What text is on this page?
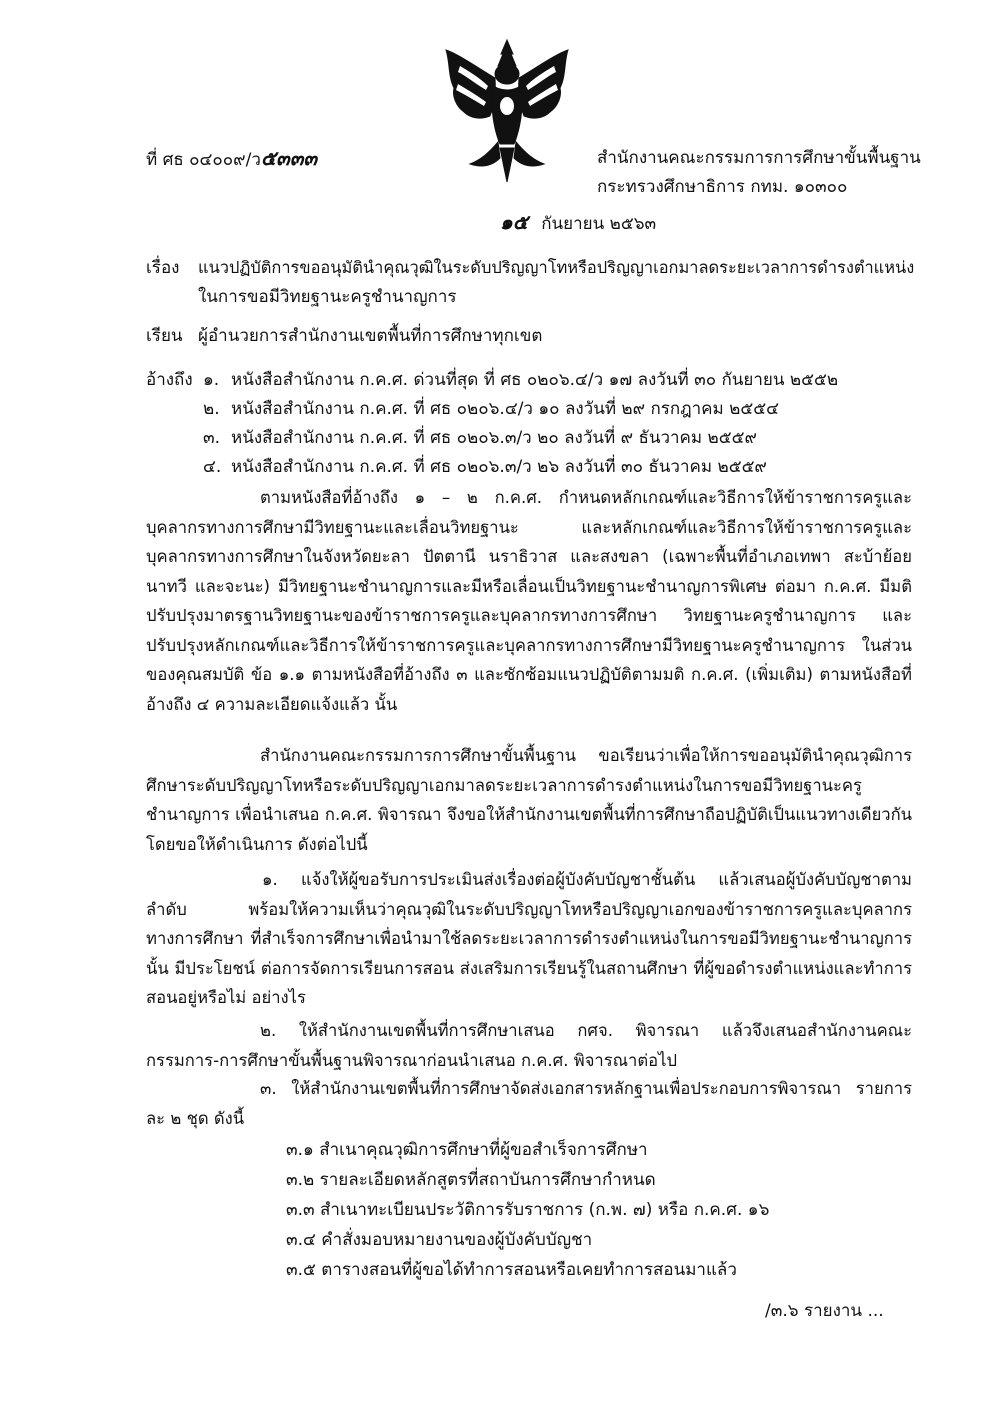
ที่ ศธ ๐๔๐๐๙/ว๕๓๓๓	สำนักงานคณะกรรมการการศึกษาขั้นพื้นฐาน
กระทรวงศึกษาธิการ กทม. ๑๐๓๐๐
๑๕ กันยายน ๒๕๖๓
เรื่อง แนวปฏิบัติการขออนุมัตินำคุณวุฒิในระดับปริญญาโทหรือปริญญาเอกมาลดระยะเวลาการดำรงตำแหน่ง
ในการขอมีวิทยฐานะครูชำนาญการ
เรียน ผู้อำนวยการสำนักงานเขตพื้นที่การศึกษาทุกเขต
อ้างถึง ๑. หนังสือสำนักงาน ก.ค.ศ. ด่วนที่สุด ที่ ศธ ๐๒๐๖.๔/ว ๑๗ ลงวันที่ ๓๐ กันยายน ๒๕๕๒
๒. หนังสือสำนักงาน ก.ค.ศ. ที่ ศธ ๐๒๐๖.๔/ว ๑๐ ลงวันที่ ๒๙ กรกฎาคม ๒๕๕๔
๓. หนังสือสำนักงาน ก.ค.ศ. ที่ ศธ ๐๒๐๖.๓/ว ๒๐ ลงวันที่ ๙ ธันวาคม ๒๕๕๙
๔. หนังสือสำนักงาน ก.ค.ศ. ที่ ศธ ๐๒๐๖.๓/ว ๒๖ ลงวันที่ ๓๐ ธันวาคม ๒๕๕๙
ตามหนังสือที่อ้างถึง ๑ – ๒ ก.ค.ศ. กำหนดหลักเกณฑ์และวิธีการให้ข้าราชการครูและบุคลากรทางการศึกษามีวิทยฐานะและเลื่อนวิทยฐานะ และหลักเกณฑ์และวิธีการให้ข้าราชการครูและบุคลากรทางการศึกษาในจังหวัดยะลา ปัตตานี นราธิวาส และสงขลา (เฉพาะพื้นที่อำเภอเทพา สะบ้าย้อย นาทวี และจะนะ) มีวิทยฐานะชำนาญการและมีหรือเลื่อนเป็นวิทยฐานะชำนาญการพิเศษ ต่อมา ก.ค.ศ. มีมติปรับปรุงมาตรฐานวิทยฐานะของข้าราชการครูและบุคลากรทางการศึกษา วิทยฐานะครูชำนาญการ และปรับปรุงหลักเกณฑ์และวิธีการให้ข้าราชการครูและบุคลากรทางการศึกษามีวิทยฐานะครูชำนาญการ ในส่วนของคุณสมบัติ ข้อ ๑.๑ ตามหนังสือที่อ้างถึง ๓ และซักซ้อมแนวปฏิบัติตามมติ ก.ค.ศ. (เพิ่มเติม) ตามหนังสือที่อ้างถึง ๔ ความละเอียดแจ้งแล้ว นั้น
สำนักงานคณะกรรมการการศึกษาขั้นพื้นฐาน ขอเรียนว่าเพื่อให้การขออนุมัตินำคุณวุฒิการศึกษาระดับปริญญาโทหรือระดับปริญญาเอกมาลดระยะเวลาการดำรงตำแหน่งในการขอมีวิทยฐานะครูชำนาญการ เพื่อนำเสนอ ก.ค.ศ. พิจารณา จึงขอให้สำนักงานเขตพื้นที่การศึกษาถือปฏิบัติเป็นแนวทางเดียวกัน โดยขอให้ดำเนินการ ดังต่อไปนี้
๑. แจ้งให้ผู้ขอรับการประเมินส่งเรื่องต่อผู้บังคับบัญชาชั้นต้น แล้วเสนอผู้บังคับบัญชาตามลำดับ พร้อมให้ความเห็นว่าคุณวุฒิในระดับปริญญาโทหรือปริญญาเอกของข้าราชการครูและบุคลากรทางการศึกษา ที่สำเร็จการศึกษาเพื่อนำมาใช้ลดระยะเวลาการดำรงตำแหน่งในการขอมีวิทยฐานะชำนาญการนั้น มีประโยชน์ ต่อการจัดการเรียนการสอน ส่งเสริมการเรียนรู้ในสถานศึกษา ที่ผู้ขอดำรงตำแหน่งและทำการสอนอยู่หรือไม่ อย่างไร
๒. ให้สำนักงานเขตพื้นที่การศึกษาเสนอ กศจ. พิจารณา แล้วจึงเสนอสำนักงานคณะกรรมการ-การศึกษาขั้นพื้นฐานพิจารณาก่อนนำเสนอ ก.ค.ศ. พิจารณาต่อไป
๓. ให้สำนักงานเขตพื้นที่การศึกษาจัดส่งเอกสารหลักฐานเพื่อประกอบการพิจารณา รายการละ ๒ ชุด ดังนี้
๓.๑ สำเนาคุณวุฒิการศึกษาที่ผู้ขอสำเร็จการศึกษา
๓.๒ รายละเอียดหลักสูตรที่สถาบันการศึกษากำหนด
๓.๓ สำเนาทะเบียนประวัติการรับราชการ (ก.พ. ๗) หรือ ก.ค.ศ. ๑๖
๓.๔ คำสั่งมอบหมายงานของผู้บังคับบัญชา
๓.๕ ตารางสอนที่ผู้ขอได้ทำการสอนหรือเคยทำการสอนมาแล้ว
/๓.๖ รายงาน ...
